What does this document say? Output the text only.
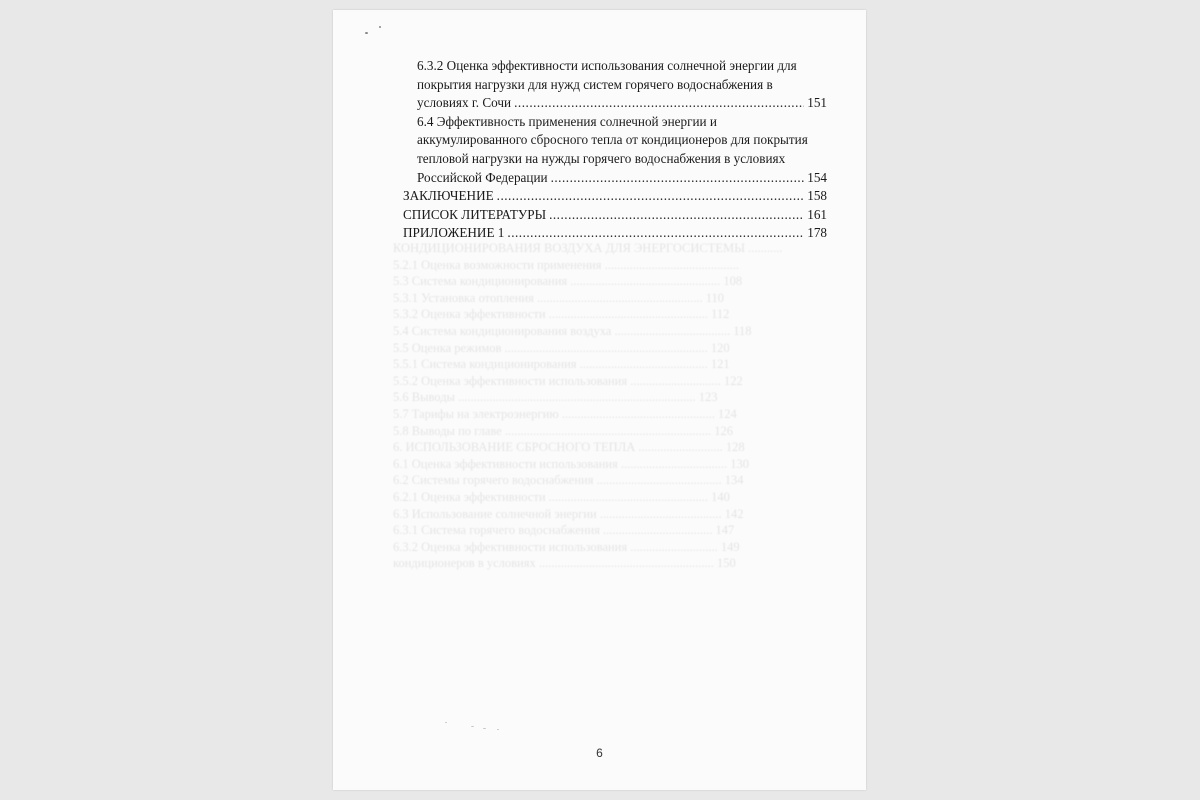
КОНДИЦИОНИРОВАНИЯ ВОЗДУХА ДЛЯ ЭНЕРГОСИСТЕМЫ ...........
5.2.1 Оценка возможности применения ...........................................
5.3 Система кондиционирования ................................................ 108
5.3.1 Установка отопления ..................................................... 110
5.3.2 Оценка эффективности ................................................... 112
5.4 Система кондиционирования воздуха ..................................... 118
5.5 Оценка режимов ................................................................. 120
5.5.1 Система кондиционирования ......................................... 121
5.5.2 Оценка эффективности использования ............................. 122
5.6 Выводы ............................................................................ 123
5.7 Тарифы на электроэнергию ................................................. 124
5.8 Выводы по главе .................................................................. 126
6. ИСПОЛЬЗОВАНИЕ СБРОСНОГО ТЕПЛА ........................... 128
6.1 Оценка эффективности использования .................................. 130
6.2 Системы горячего водоснабжения ........................................ 134
6.2.1 Оценка эффективности ................................................... 140
6.3 Использование солнечной энергии ....................................... 142
6.3.1 Система горячего водоснабжения ................................... 147
6.3.2 Оценка эффективности использования ............................ 149
кондиционеров в условиях ........................................................ 150
6.3.2 Оценка эффективности использования солнечной энергии для
покрытия нагрузки для нужд систем горячего водоснабжения в
условиях г. Сочи .....	151
6.4 Эффективность применения солнечной энергии и
аккумулированного сбросного тепла от кондиционеров для покрытия
тепловой нагрузки на нужды горячего водоснабжения в условиях
Российской Федерации .....	154
ЗАКЛЮЧЕНИЕ .....	158
СПИСОК ЛИТЕРАТУРЫ .....	161
ПРИЛОЖЕНИЕ 1 .....	178
6
